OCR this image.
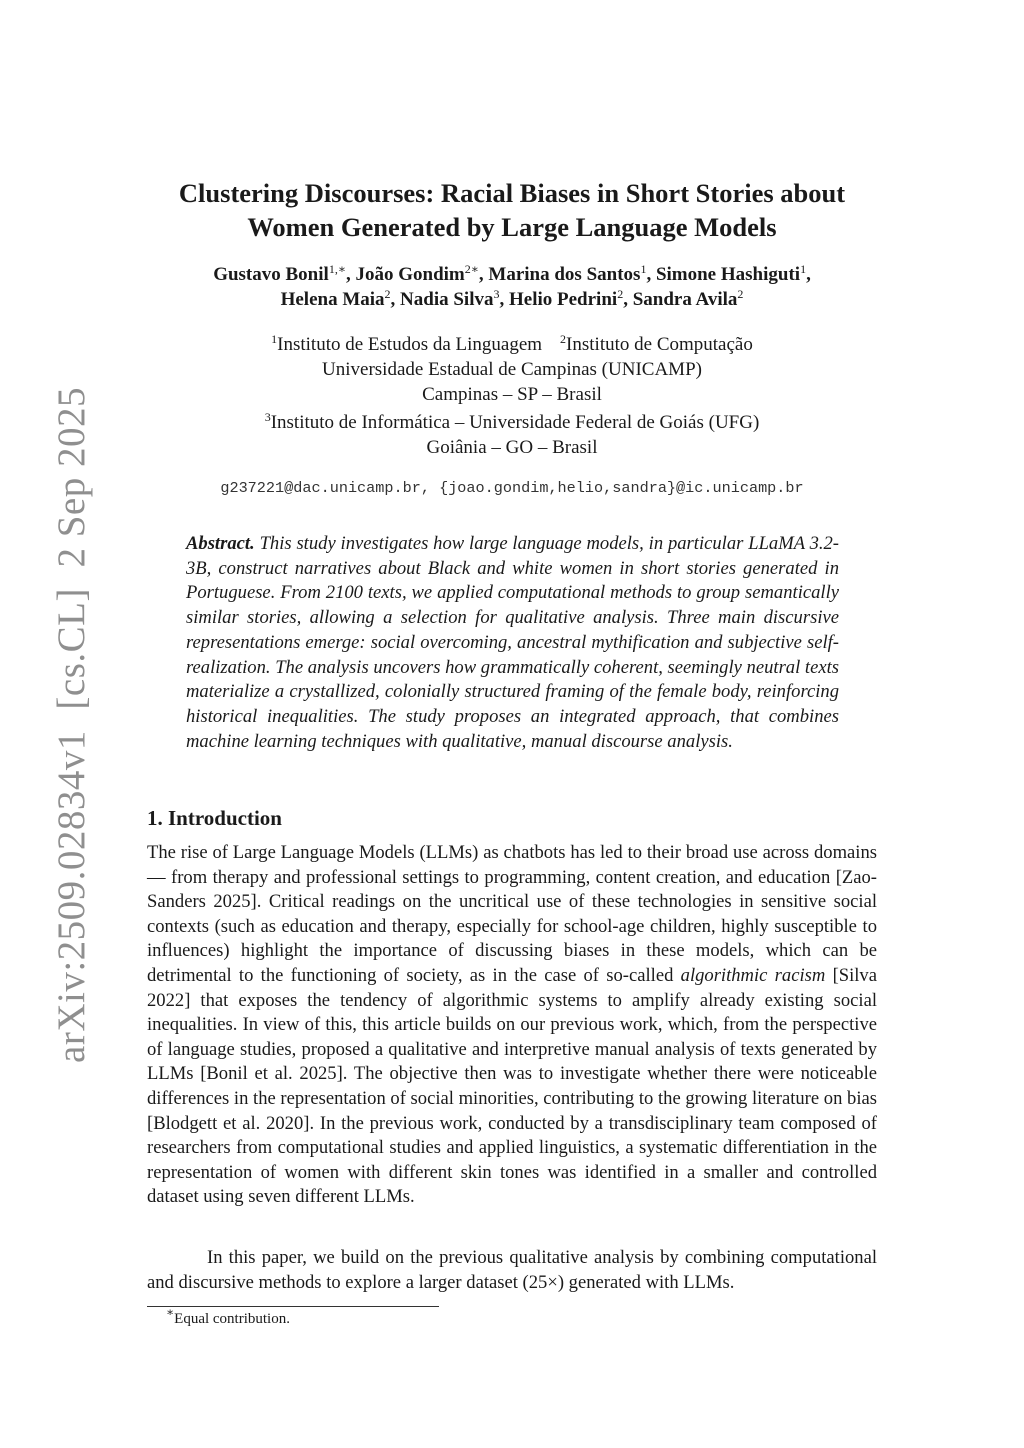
arXiv:2509.02834v1  [cs.CL]  2 Sep 2025
Clustering Discourses: Racial Biases in Short Stories about
Women Generated by Large Language Models
Gustavo Bonil$^{1,∗}$, João Gondim$^{2∗}$, Marina dos Santos$^1$, Simone Hashiguti$^1$,
Helena Maia$^2$, Nadia Silva$^3$, Helio Pedrini$^2$, Sandra Avila$^2$
$^1$Instituto de Estudos da Linguagem $^2$Instituto de Computação
Universidade Estadual de Campinas (UNICAMP)
Campinas – SP – Brasil
$^3$Instituto de Informática – Universidade Federal de Goiás (UFG)
Goiânia – GO – Brasil
g237221@dac.unicamp.br, {joao.gondim,helio,sandra}@ic.unicamp.br
Abstract. This study investigates how large language models, in particular LLaMA 3.2-3B, construct narratives about Black and white women in short stories generated in Portuguese. From 2100 texts, we applied computational methods to group semantically similar stories, allowing a selection for qualitative analysis. Three main discursive representations emerge: social overcoming, ancestral mythification and subjective self-realization. The analysis uncovers how grammatically coherent, seemingly neutral texts materialize a crystallized, colonially structured framing of the female body, reinforcing historical inequalities. The study proposes an integrated approach, that combines machine learning techniques with qualitative, manual discourse analysis.
1. Introduction
The rise of Large Language Models (LLMs) as chatbots has led to their broad use across domains — from therapy and professional settings to programming, content creation, and education [Zao-Sanders 2025]. Critical readings on the uncritical use of these technologies in sensitive social contexts (such as education and therapy, especially for school-age children, highly susceptible to influences) highlight the importance of discussing biases in these models, which can be detrimental to the functioning of society, as in the case of so-called algorithmic racism [Silva 2022] that exposes the tendency of algorithmic systems to amplify already existing social inequalities. In view of this, this article builds on our previous work, which, from the perspective of language studies, proposed a qualitative and interpretive manual analysis of texts generated by LLMs [Bonil et al. 2025]. The objective then was to investigate whether there were noticeable differences in the representation of social minorities, contributing to the growing literature on bias [Blodgett et al. 2020]. In the previous work, conducted by a transdisciplinary team composed of researchers from computational studies and applied linguistics, a systematic differentiation in the representation of women with different skin tones was identified in a smaller and controlled dataset using seven different LLMs.
In this paper, we build on the previous qualitative analysis by combining computational and discursive methods to explore a larger dataset (25×) generated with LLMs.
∗Equal contribution.
